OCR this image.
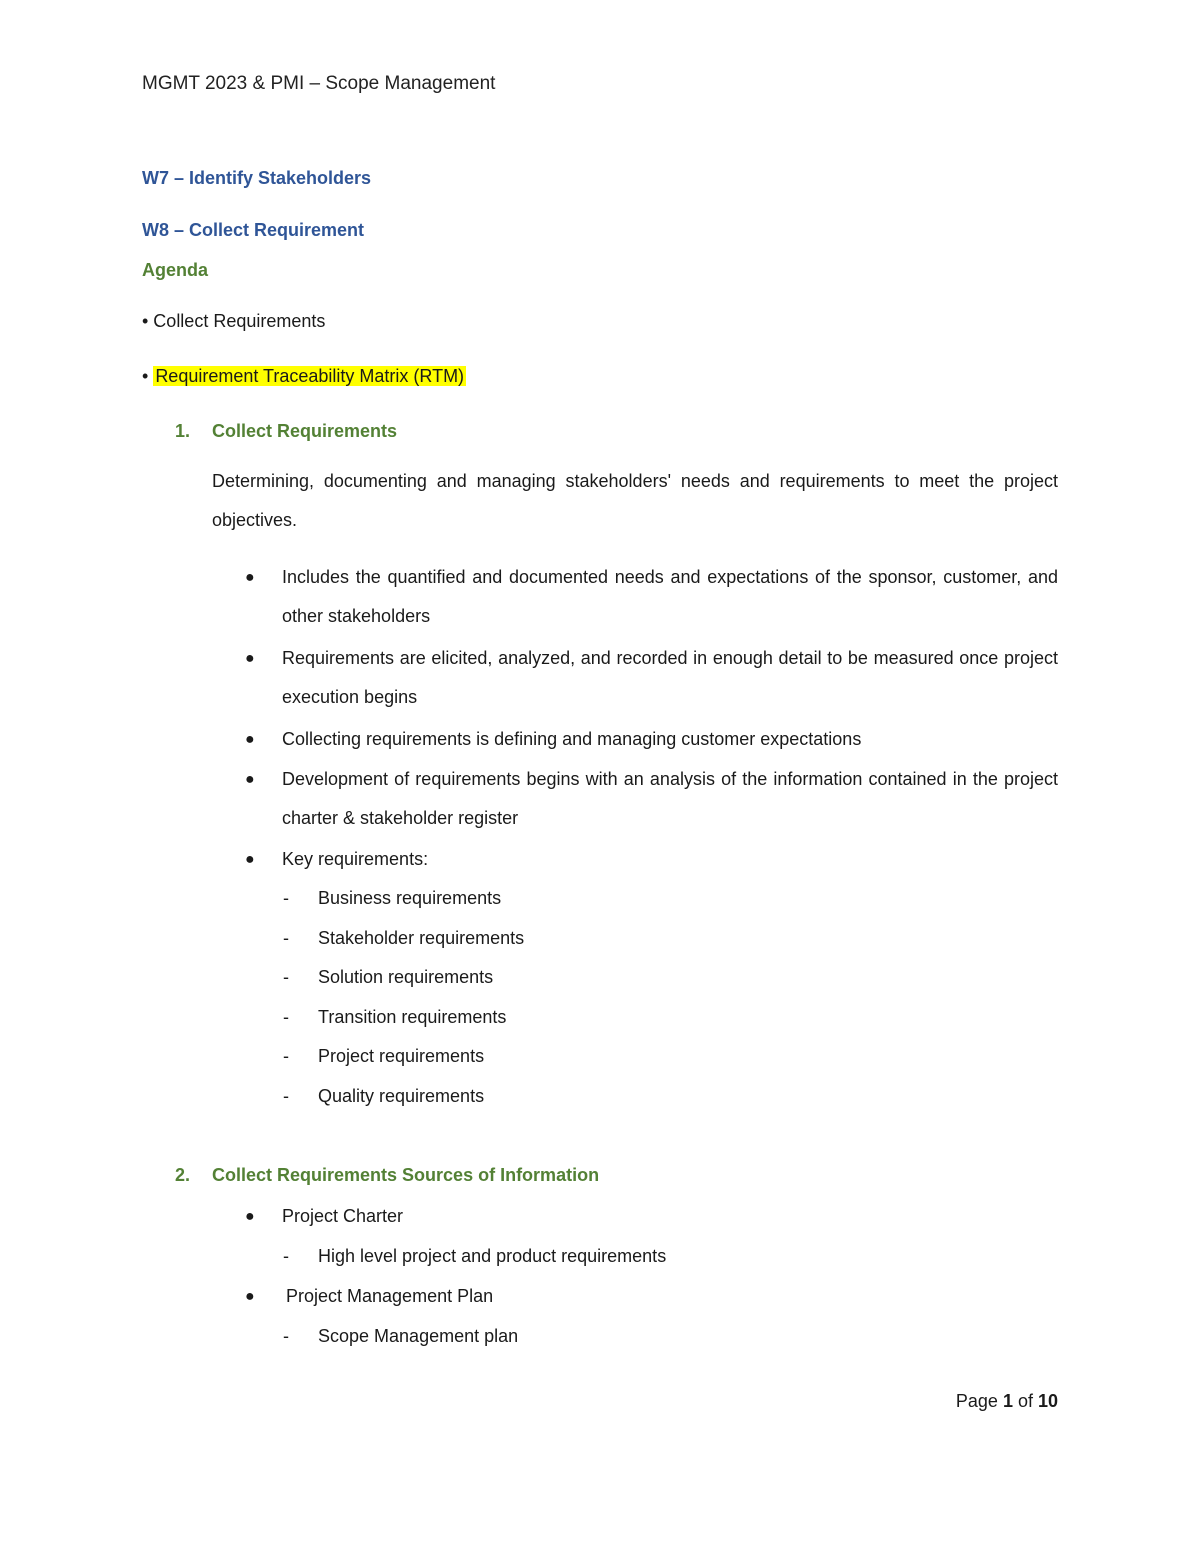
MGMT 2023 & PMI – Scope Management
W7 – Identify Stakeholders
W8 – Collect Requirement
Agenda
• Collect Requirements
• Requirement Traceability Matrix (RTM)
1. Collect Requirements

Determining, documenting and managing stakeholders' needs and requirements to meet the project objectives.

● Includes the quantified and documented needs and expectations of the sponsor, customer, and other stakeholders

● Requirements are elicited, analyzed, and recorded in enough detail to be measured once project execution begins

● Collecting requirements is defining and managing customer expectations
● Development of requirements begins with an analysis of the information contained in the project charter & stakeholder register

● Key requirements:
- Business requirements
- Stakeholder requirements
- Solution requirements
- Transition requirements
- Project requirements
- Quality requirements
2. Collect Requirements Sources of Information
● Project Charter
- High level project and product requirements
● Project Management Plan
- Scope Management plan
Page 1 of 10
